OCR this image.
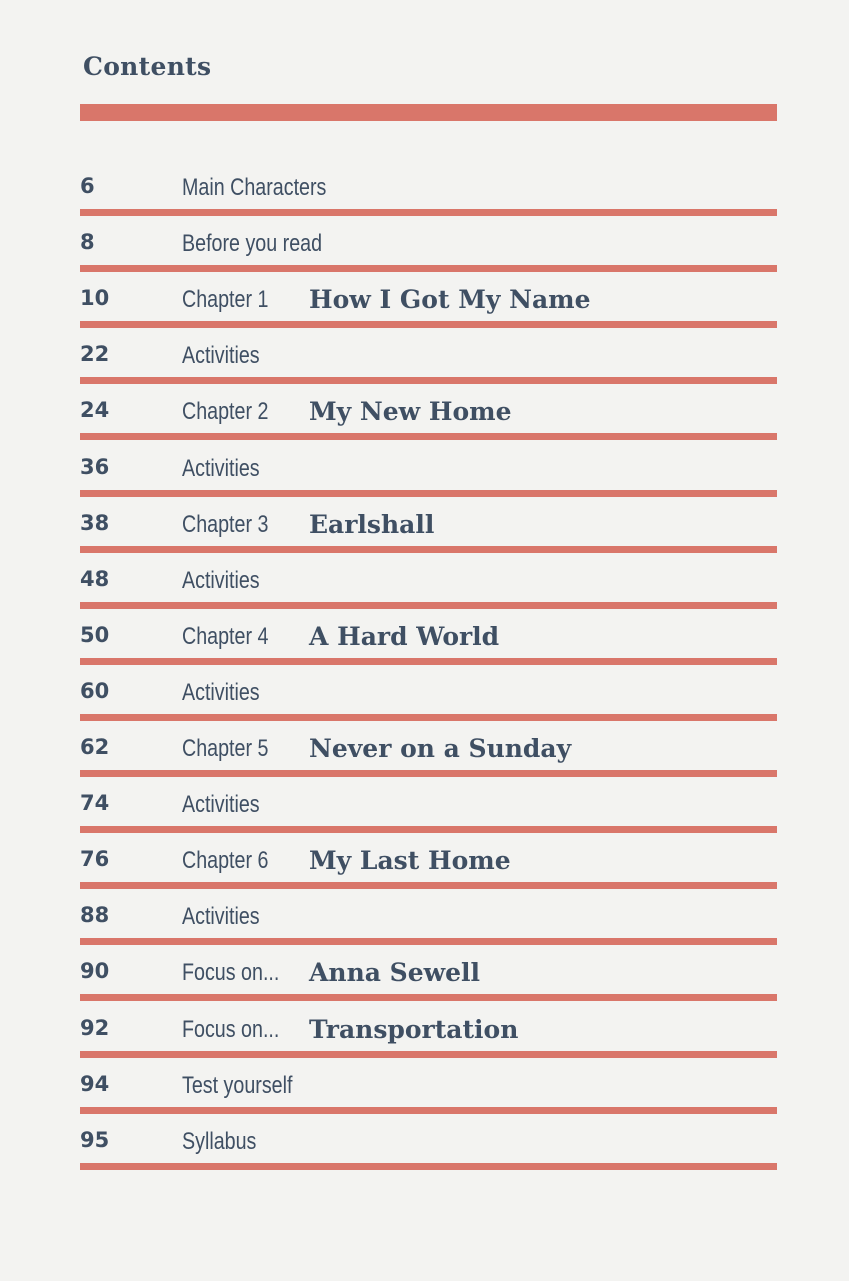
Contents
6	Main Characters
8	Before you read
10	Chapter 1 How I Got My Name
22	Activities
24	Chapter 2 My New Home
36	Activities
38	Chapter 3 Earlshall
48	Activities
50	Chapter 4 A Hard World
60	Activities
62	Chapter 5 Never on a Sunday
74	Activities
76	Chapter 6 My Last Home
88	Activities
90	Focus on... Anna Sewell
92	Focus on... Transportation
94	Test yourself
95	Syllabus
